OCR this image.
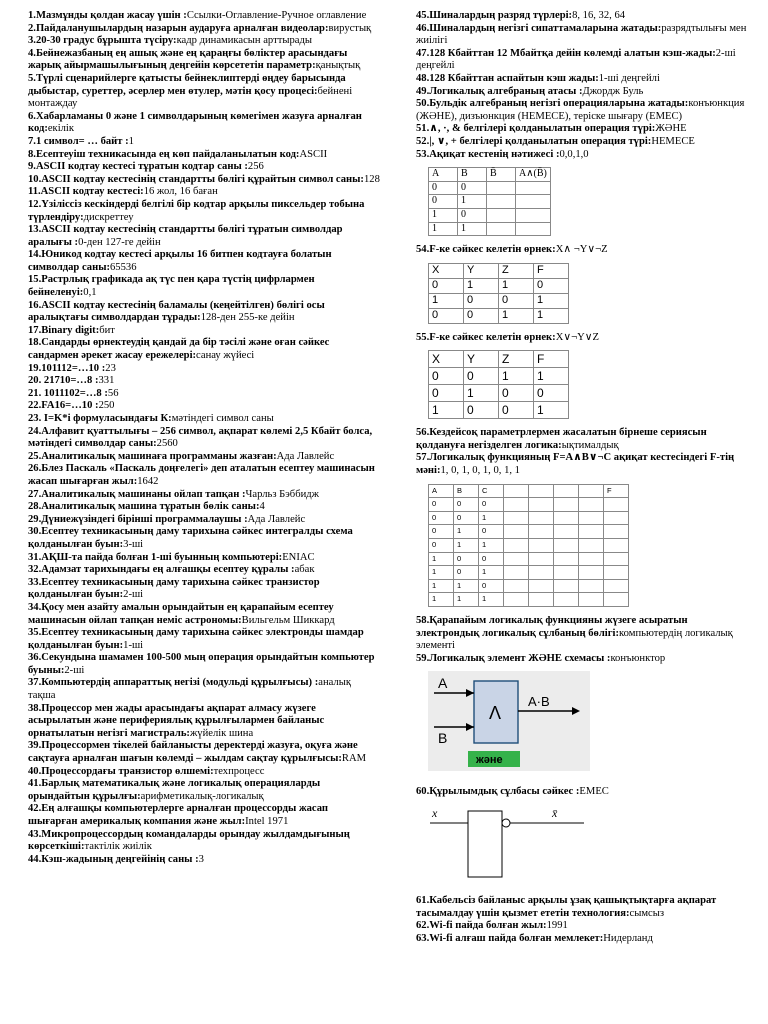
1.Мазмұнды қолдан жасау үшін :Ссылки-Оглавление-Ручное оглавление
2.Пайдаланушылардың назарын аударуға арналған видеолар:вирустық
3.20-30 градус бұрышта түсіру:кадр динамикасын арттырады
4.Бейнежазбаның ең ашық және ең қараңғы бөліктер арасындағы жарық айырмашылығының деңгейін көрсететін параметр:қанықтық
5.Түрлі сценарийлерге қатысты бейнеклиптерді өңдеу барысында дыбыстар, суреттер, әсерлер мен өтулер, мәтін қосу процесі:бейнені монтаждау
6.Хабарламаны 0 және 1 символдарының көмегімен жазуға арналған код:екілік
7.1 символ= … байт :1
8.Есептеуіш техникасында ең көп пайдаланылатын код:ASCII
9.ASCII кодтау кестесі тұратын кодтар саны :256
10.ASCII кодтау кестесінің стандартты бөлігі құрайтын символ саны:128
11.ASCII кодтау кестесі:16 жол, 16 баған
12.Үзіліссіз кескіндерді белгілі бір кодтар арқылы пиксельдер тобына түрлендіру:дискреттеу
13.ASCII кодтау кестесінің стандартты бөлігі тұратын символдар аралығы :0-ден 127-ге дейін
14.Юникод кодтау кестесі арқылы 16 битпен кодтауға болатын символдар саны:65536
15.Растрлық графикада ақ түс пен қара түстің цифрлармен бейнеленуі:0,1
16.ASCII кодтау кестесінің баламалы (кеңейтілген) бөлігі осы аралықтағы символдардан тұрады:128-ден 255-ке дейін
17.Binary digit:бит
18.Сандарды өрнектеудің қандай да бір тәсілі және оған сәйкес сандармен әрекет жасау ережелері:санау жүйесі
19.101112=…10 :23
20. 21710=…8 :331
21. 1011102=…8 :56
22.FA16=…10 :250
23. I=K*i формуласындағы К:мәтіндегі символ саны
24.Алфавит қуаттылығы – 256 символ, ақпарат көлемі 2,5 Кбайт болса, мәтіндегі символдар саны:2560
25.Аналитикалық машинаға программаны жазған:Ада Лавлейс
26.Блез Паскаль «Паскаль доңғелегі» деп аталатын есептеу машинасын жасап шығарған жыл:1642
27.Аналитикалық машинаны ойлап тапқан :Чарльз Бэббидж
28.Аналитикалық машина тұратын бөлік саны:4
29.Дүниежүзіндегі бірінші программалаушы :Ада Лавлейс
30.Есептеу техникасының даму тарихына сәйкес интегралды схема қолданылған буын:3-ші
31.АҚШ-та пайда болған 1-ші буынның компьютері:ENIAC
32.Адамзат тарихындағы ең алғашқы есептеу құралы :абак
33.Есептеу техникасының даму тарихына сәйкес транзистор қолданылған буын:2-ші
34.Қосу мен азайту амалын орындайтын ең қарапайым есептеу машинасын ойлап тапқан неміс астрономы:Вильгельм Шиккард
35.Есептеу техникасының даму тарихына сәйкес электронды шамдар қолданылған буын:1-ші
36.Секундына шамамен 100-500 мың операция орындайтын компьютер буыны:2-ші
37.Компьютердің аппараттық негізі (модульді құрылғысы) :аналық тақша
38.Процессор мен жады арасындағы ақпарат алмасу жүзеге асырылатын және перифериялық құрылғылармен байланыс орнатылатын негізгі магистраль:жүйелік шина
39.Процессормен тікелей байланысты деректерді жазуға, оқуға және сақтауға арналған шағын көлемді – жылдам сақтау құрылғысы:RAM
40.Процессордағы транзистор өлшемі:техпроцесс
41.Барлық математикалық және логикалық операцияларды орындайтын құрылғы:арифметикалық-логикалық
42.Ең алғашқы компьютерлерге арналған процессорды жасап шығарған америкалық компания және жыл:Intel 1971
43.Микропроцессордың командаларды орындау жылдамдығының көрсеткіші:тактілік жиілік
44.Кэш-жадының деңгейінің саны :3
45.Шиналардың разряд түрлері:8, 16, 32, 64
46.Шиналардың негізгі сипаттамаларына жатады:разрядтылығы мен жиілігі
47.128 Кбайттан 12 Мбайтқа дейін көлемді алатын кэш-жады:2-ші деңгейлі
48.128 Кбайттан аспайтын кэш жады:1-ші деңгейлі
49.Логикалық алгебраның атасы :Джордж Буль
50.Бульдік алгебраның негізгі операцияларына жатады:конъюнкция (ЖӘНЕ), дизъюнкция (НЕМЕСЕ), теріске шығару (ЕМЕС)
51.∧, ·, & белгілері қолданылатын операция түрі:ЖӘНЕ
52.|, ∨, + белгілері қолданылатын операция түрі:НЕМЕСЕ
53.Ақиқат кестенің нәтижесі :0,0,1,0
A	B	B̄	A∧(B̄)
0	0		
0	1		
1	0		
1	1		
54.F-ке сәйкес келетін өрнек:X∧ ¬Y∨¬Z
X	Y	Z	F
0	1	1	0
1	0	0	1
0	0	1	1
55.F-ке сәйкес келетін өрнек:X∨¬Y∨Z
X	Y	Z	F
0	0	1	1
0	1	0	0
1	0	0	1
56.Кездейсоқ параметрлермен жасалатын бірнеше сериясын қолдануға негізделген логика:ықтималдық
57.Логикалық функцияның F=A∧B∨¬C ақиқат кестесіндегі F-тің мәні:1, 0, 1, 0, 1, 0, 1, 1
A	B	C					F
0	0	0					
0	0	1					
0	1	0					
0	1	1					
1	0	0					
1	0	1					
1	1	0					
1	1	1					
58.Қарапайым логикалық функцияны жүзеге асыратын электрондық логикалық сұлбаның бөлігі:компьютердің логикалық элементі
59.Логикалық элемент ЖӘНЕ схемасы :конъюнктор
A
B
Λ
A·B
және
60.Құрылымдық сұлбасы сәйкес :ЕМЕС
x	x̄
61.Кабельсіз байланыс арқылы ұзақ қашықтықтарға ақпарат тасымалдау үшін қызмет ететін технология:сымсыз
62.Wi-fi пайда болған жыл:1991
63.Wi-fi алғаш пайда болған мемлекет:Нидерланд
